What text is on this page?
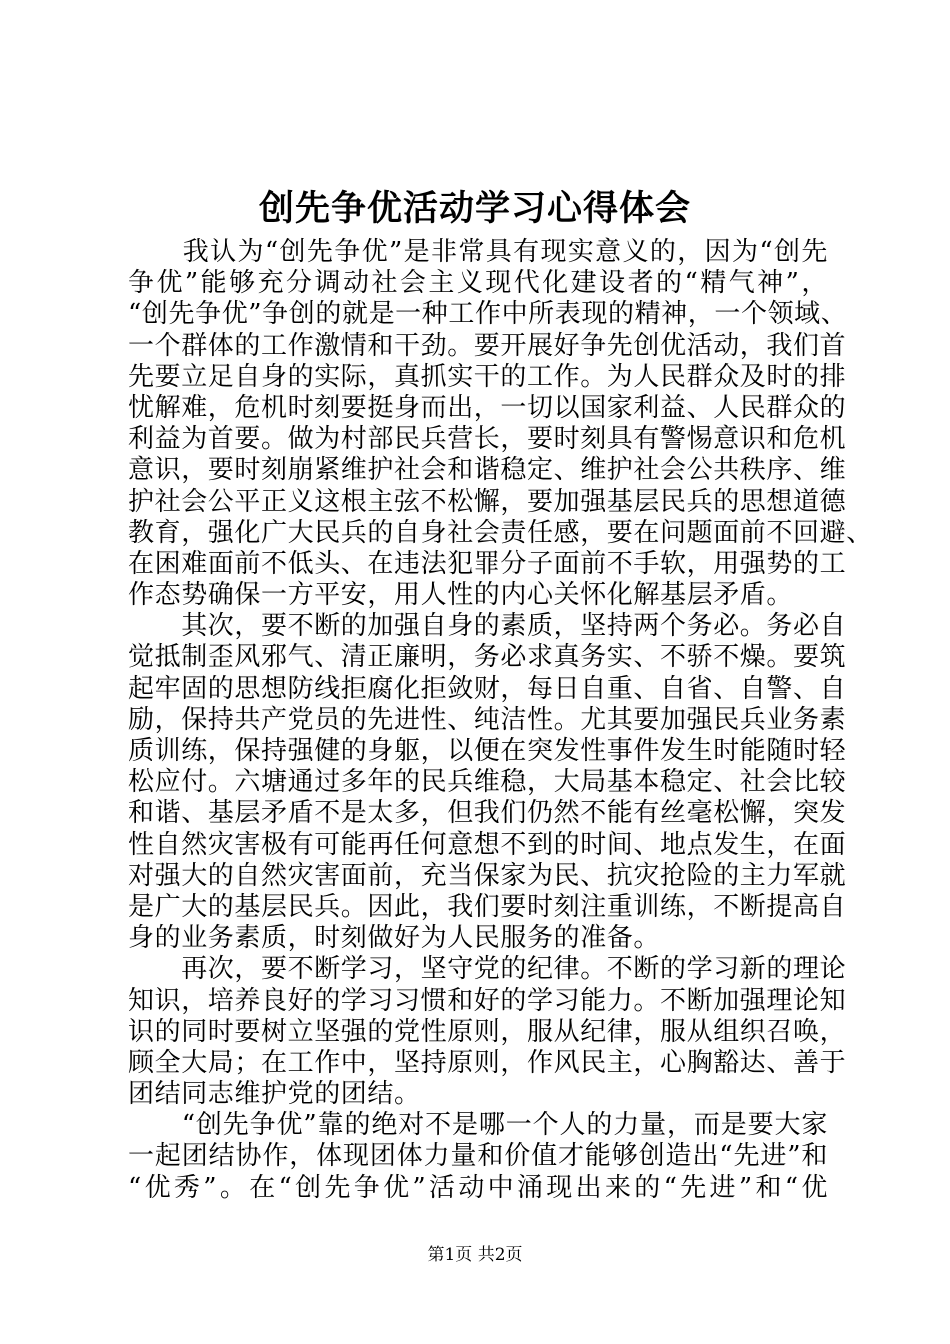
创先争优活动学习心得体会
　　我认为“创先争优”是非常具有现实意义的，因为“创先
争优”能够充分调动社会主义现代化建设者的“精气神”，
“创先争优”争创的就是一种工作中所表现的精神，一个领域、
一个群体的工作激情和干劲。要开展好争先创优活动，我们首
先要立足自身的实际，真抓实干的工作。为人民群众及时的排
忧解难，危机时刻要挺身而出，一切以国家利益、人民群众的
利益为首要。做为村部民兵营长，要时刻具有警惕意识和危机
意识，要时刻崩紧维护社会和谐稳定、维护社会公共秩序、维
护社会公平正义这根主弦不松懈，要加强基层民兵的思想道德
教育，强化广大民兵的自身社会责任感，要在问题面前不回避、
在困难面前不低头、在违法犯罪分子面前不手软，用强势的工
作态势确保一方平安，用人性的内心关怀化解基层矛盾。
　　其次，要不断的加强自身的素质，坚持两个务必。务必自
觉抵制歪风邪气、清正廉明，务必求真务实、不骄不燥。要筑
起牢固的思想防线拒腐化拒敛财，每日自重、自省、自警、自
励，保持共产党员的先进性、纯洁性。尤其要加强民兵业务素
质训练，保持强健的身躯，以便在突发性事件发生时能随时轻
松应付。六塘通过多年的民兵维稳，大局基本稳定、社会比较
和谐、基层矛盾不是太多，但我们仍然不能有丝毫松懈，突发
性自然灾害极有可能再任何意想不到的时间、地点发生，在面
对强大的自然灾害面前，充当保家为民、抗灾抢险的主力军就
是广大的基层民兵。因此，我们要时刻注重训练，不断提高自
身的业务素质，时刻做好为人民服务的准备。
　　再次，要不断学习，坚守党的纪律。不断的学习新的理论
知识，培养良好的学习习惯和好的学习能力。不断加强理论知
识的同时要树立坚强的党性原则，服从纪律，服从组织召唤，
顾全大局；在工作中，坚持原则，作风民主，心胸豁达、善于
团结同志维护党的团结。
　　“创先争优”靠的绝对不是哪一个人的力量，而是要大家
一起团结协作，体现团体力量和价值才能够创造出“先进”和
“优秀”。在“创先争优”活动中涌现出来的“先进”和“优
第1页 共2页
